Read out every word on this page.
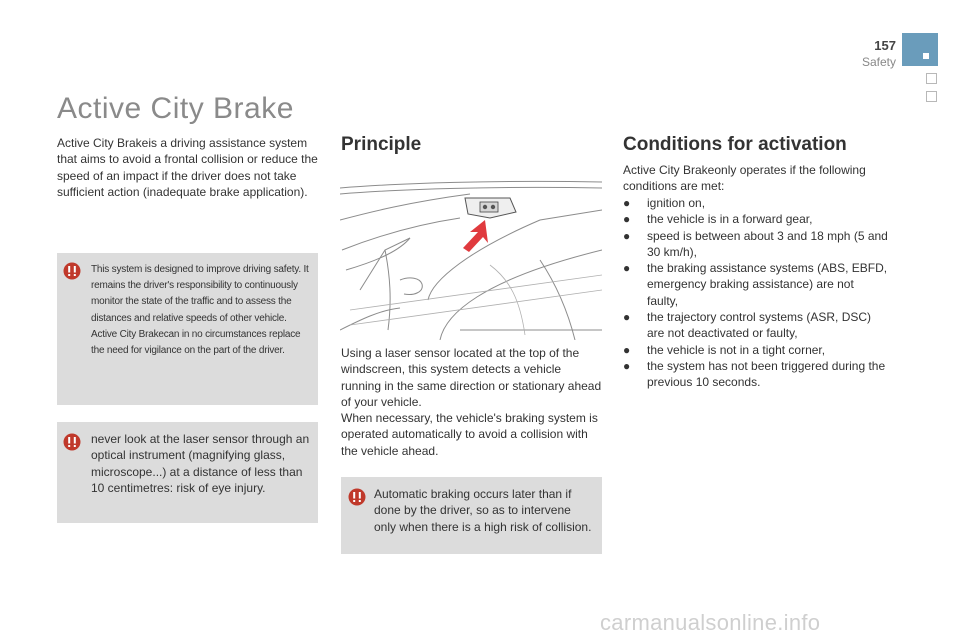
157
Safety
Active City Brake
Active City Brakeis a driving assistance system that aims to avoid a frontal collision or reduce the speed of an impact if the driver does not take sufficient action (inadequate brake application).
This system is designed to improve driving safety. It remains the driver's responsibility to continuously monitor the state of the traffic and to assess the distances and relative speeds of other vehicle.
Active City Brakecan in no circumstances replace the need for vigilance on the part of the driver.
never look at the laser sensor through an optical instrument (magnifying glass, microscope...) at a distance of less than 10 centimetres: risk of eye injury.
Principle
Using a laser sensor located at the top of the windscreen, this system detects a vehicle running in the same direction or stationary ahead of your vehicle.
When necessary, the vehicle's braking system is operated automatically to avoid a collision with the vehicle ahead.
Automatic braking occurs later than if done by the driver, so as to intervene only when there is a high risk of collision.
Conditions for activation
Active City Brakeonly operates if the following conditions are met:
● ignition on,
● the vehicle is in a forward gear,
● speed is between about 3 and 18 mph (5 and 30 km/h),
● the braking assistance systems (ABS, EBFD, emergency braking assistance) are not faulty,
● the trajectory control systems (ASR, DSC) are not deactivated or faulty,
● the vehicle is not in a tight corner,
● the system has not been triggered during the previous 10 seconds.
carmanualsonline.info
